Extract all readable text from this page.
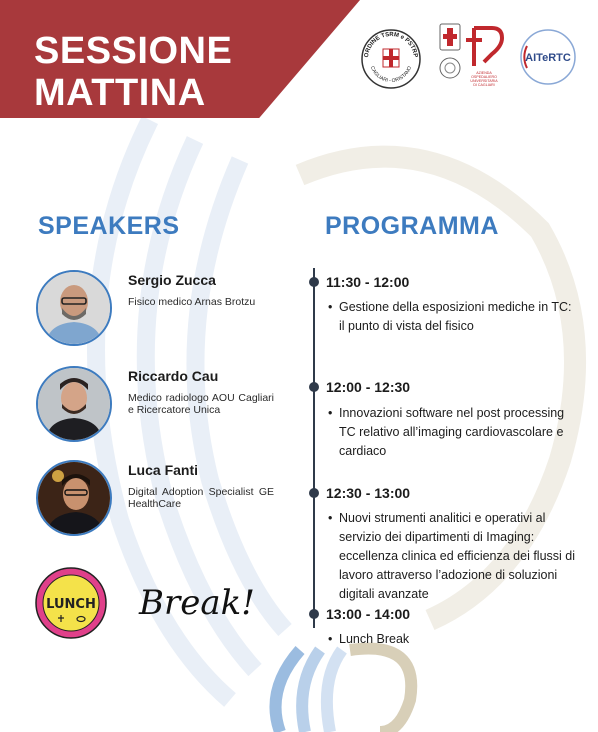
SESSIONE
MATTINA
ORDINE TSRM e PSTRP
CAGLIARI - ORISTANO
AZIENDA
OSPEDALIERO
UNIVERSITARIA
DI CAGLIARI
AITeRTC
SPEAKERS	PROGRAMMA
Sergio Zucca
Fisico medico Arnas Brotzu
Riccardo Cau
Medico radiologo AOU Cagliari e Ricercatore Unica
Luca Fanti
Digital Adoption Specialist GE HealthCare
LUNCH Break!
11:30 - 12:00
• Gestione della esposizioni mediche in TC: il punto di vista del fisico
12:00 - 12:30
• Innovazioni software nel post processing TC relativo all’imaging cardiovascolare e cardiaco
12:30 - 13:00
• Nuovi strumenti analitici e operativi al servizio dei dipartimenti di Imaging: eccellenza clinica ed efficienza dei flussi di lavoro attraverso l’adozione di soluzioni digitali avanzate
13:00 - 14:00
• Lunch Break
